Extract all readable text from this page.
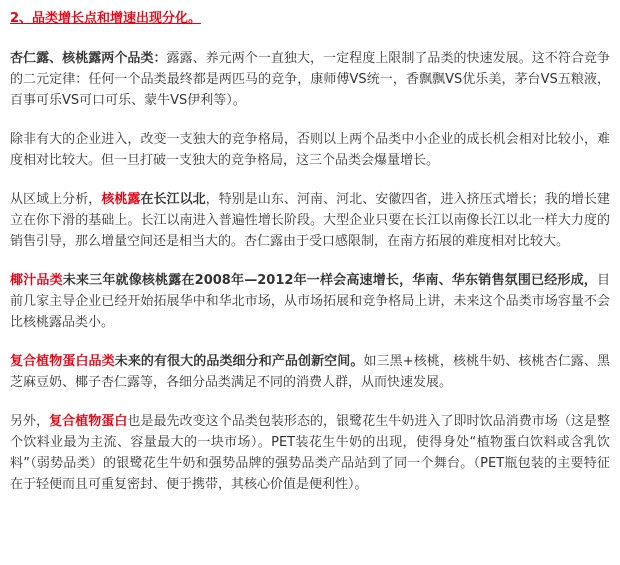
2、品类增长点和增速出现分化。

杏仁露、核桃露两个品类：露露、养元两个一直独大，一定程度上限制了品类的快速发展。这不符合竞争的二元定律：任何一个品类最终都是两匹马的竞争，康师傅VS统一，香飘飘VS优乐美，茅台VS五粮液，百事可乐VS可口可乐、蒙牛VS伊利等）。

除非有大的企业进入，改变一支独大的竞争格局，否则以上两个品类中小企业的成长机会相对比较小，难度相对比较大。但一旦打破一支独大的竞争格局，这三个品类会爆量增长。

从区域上分析，核桃露在长江以北，特别是山东、河南、河北、安徽四省，进入挤压式增长；我的增长建立在你下滑的基础上。长江以南进入普遍性增长阶段。大型企业只要在长江以南像长江以北一样大力度的销售引导，那么增量空间还是相当大的。杏仁露由于受口感限制，在南方拓展的难度相对比较大。

椰汁品类未来三年就像核桃露在2008年—2012年一样会高速增长，华南、华东销售氛围已经形成，目前几家主导企业已经开始拓展华中和华北市场，从市场拓展和竞争格局上讲，未来这个品类市场容量不会比核桃露品类小。

复合植物蛋白品类未来的有很大的品类细分和产品创新空间。如三黑+核桃，核桃牛奶、核桃杏仁露、黑芝麻豆奶、椰子杏仁露等，各细分品类满足不同的消费人群，从而快速发展。

另外，复合植物蛋白也是最先改变这个品类包装形态的，银鹭花生牛奶进入了即时饮品消费市场（这是整个饮料业最为主流、容量最大的一块市场）。PET装花生牛奶的出现，使得身处“植物蛋白饮料或含乳饮料”（弱势品类）的银鹭花生牛奶和强势品牌的强势品类产品站到了同一个舞台。（PET瓶包装的主要特征在于轻便而且可重复密封、便于携带，其核心价值是便利性）。
